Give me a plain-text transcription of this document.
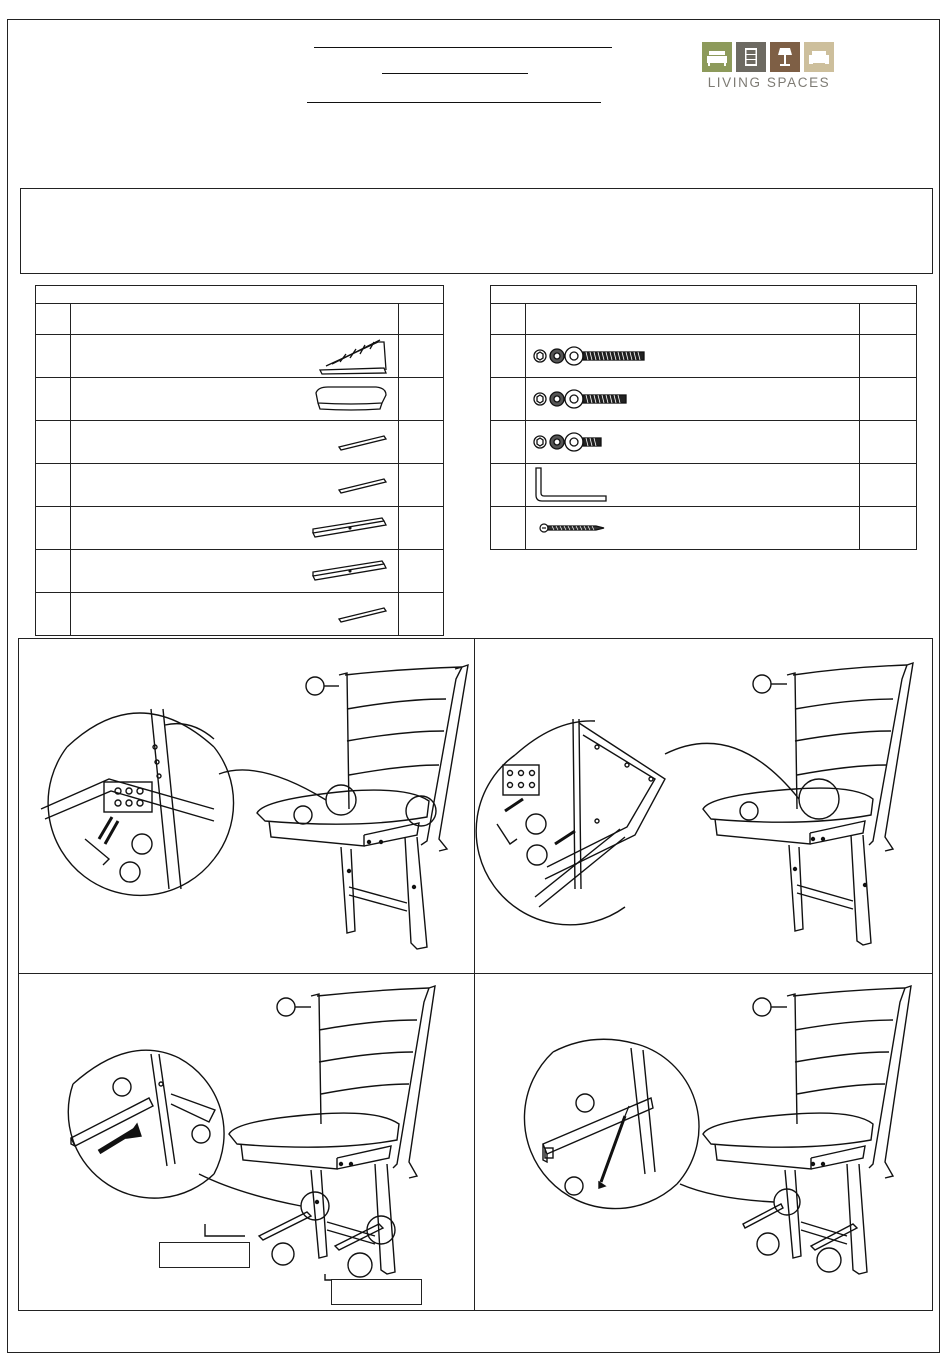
LIVING SPACES
